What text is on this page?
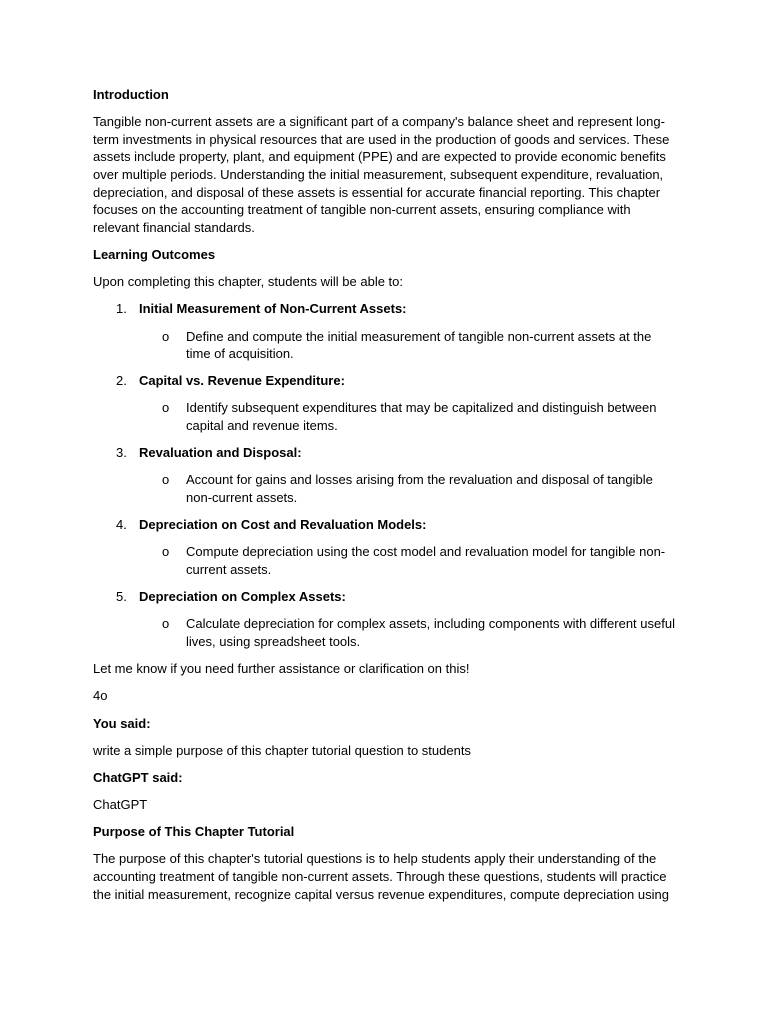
Introduction

Tangible non-current assets are a significant part of a company's balance sheet and represent long-term investments in physical resources that are used in the production of goods and services. These assets include property, plant, and equipment (PPE) and are expected to provide economic benefits over multiple periods. Understanding the initial measurement, subsequent expenditure, revaluation, depreciation, and disposal of these assets is essential for accurate financial reporting. This chapter focuses on the accounting treatment of tangible non-current assets, ensuring compliance with relevant financial standards.

Learning Outcomes

Upon completing this chapter, students will be able to:

1. Initial Measurement of Non-Current Assets:
o Define and compute the initial measurement of tangible non-current assets at the time of acquisition.
2. Capital vs. Revenue Expenditure:
o Identify subsequent expenditures that may be capitalized and distinguish between capital and revenue items.
3. Revaluation and Disposal:
o Account for gains and losses arising from the revaluation and disposal of tangible non-current assets.
4. Depreciation on Cost and Revaluation Models:
o Compute depreciation using the cost model and revaluation model for tangible non-current assets.
5. Depreciation on Complex Assets:
o Calculate depreciation for complex assets, including components with different useful lives, using spreadsheet tools.

Let me know if you need further assistance or clarification on this!

4o

You said:

write a simple purpose of this chapter tutorial question to students

ChatGPT said:

ChatGPT

Purpose of This Chapter Tutorial

The purpose of this chapter's tutorial questions is to help students apply their understanding of the accounting treatment of tangible non-current assets. Through these questions, students will practice the initial measurement, recognize capital versus revenue expenditures, compute depreciation using
